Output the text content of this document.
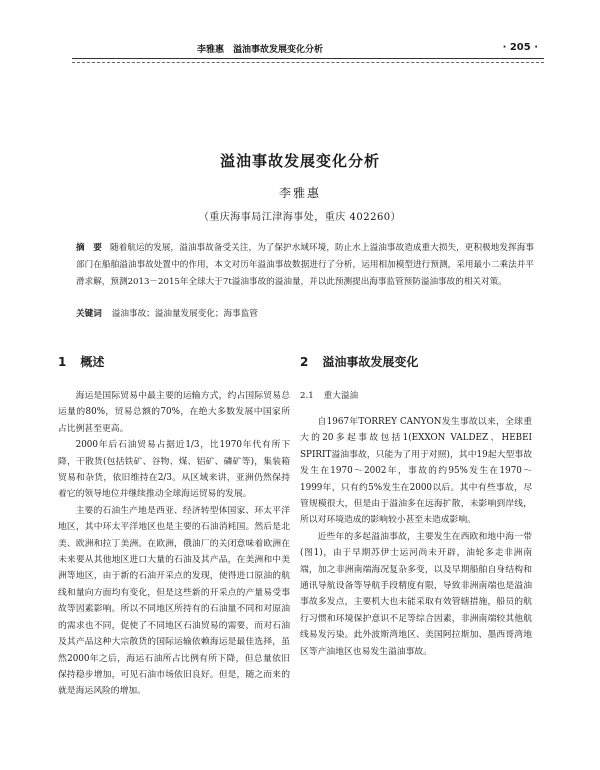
李雅惠　溢油事故发展变化分析	· 205 ·
溢油事故发展变化分析
李雅惠
（重庆海事局江津海事处，重庆 402260）
摘　要 随着航运的发展，溢油事故备受关注，为了保护水域环境，防止水上溢油事故造成重大损失，更积极地发挥海事部门在船舶溢油事故处置中的作用，本文对历年溢油事故数据进行了分析，运用相加模型进行预测，采用最小二乘法并平滑求解，预测2013－2015年全球大于7t溢油事故的溢油量，并以此预测提出海事监管预防溢油事故的相关对策。
关键词 溢油事故；溢油量发展变化；海事监管
1 概述

海运是国际贸易中最主要的运输方式，约占国际贸易总运量的80%，贸易总额的70%，在绝大多数发展中国家所占比例甚至更高。

2000年后石油贸易占据近1/3，比1970年代有所下降，干散货(包括铁矿、谷物、煤、铝矿、磷矿等)，集装箱贸易和杂货，依旧维持在2/3。从区域来讲，亚洲仍然保持着它的领导地位并继续推动全球海运贸易的发展。

主要的石油生产地是西亚、经济转型体国家、环太平洋地区，其中环太平洋地区也是主要的石油消耗国。然后是北美、欧洲和拉丁美洲。在欧洲，俄油厂的关闭意味着欧洲在未来要从其他地区进口大量的石油及其产品，在美洲和中美洲等地区，由于新的石油开采点的发现，使得进口原油的航线和量向方面均有变化，但是这些新的开采点的产量易受事故等因素影响。所以不同地区所持有的石油量不同和对原油的需求也不同，促使了不同地区石油贸易的需要，而对石油及其产品这种大宗散货的国际运输依赖海运是最佳选择，虽然2000年之后，海运石油所占比例有所下降，但总量依旧保持稳步增加，可见石油市场依旧良好。但是，随之而来的就是海运风险的增加。

2 溢油事故发展变化
2.1 重大溢油

自1967年TORREY CANYON发生事故以来，全球重大的20多起事故包括1(EXXON VALDEZ、HEBEI SPIRIT溢油事故，只能为了用于对照)，其中19起大型事故发生在1970～2002年，事故的约95%发生在1970～1999年，只有约5%发生在2000以后。其中有些事故，尽管规模很大，但是由于溢油多在远海扩散，未影响到岸线，所以对环境造成的影响较小甚至未造成影响。

近些年的多起溢油事故，主要发生在西欧和地中海一带(图1)，由于早期苏伊士运河尚未开辟，油轮多走非洲南端，加之非洲南端海况复杂多变，以及早期船舶自身结构和通讯导航设备等导航手段精度有限，导致非洲南端也是溢油事故多发点，主要机大也未能采取有效管辖措施，船员的航行习惯和环境保护意识不足等综合因素，非洲南端较其他航线易发污染。此外波斯湾地区、美国阿拉斯加、墨西哥湾地区等产油地区也易发生溢油事故。
